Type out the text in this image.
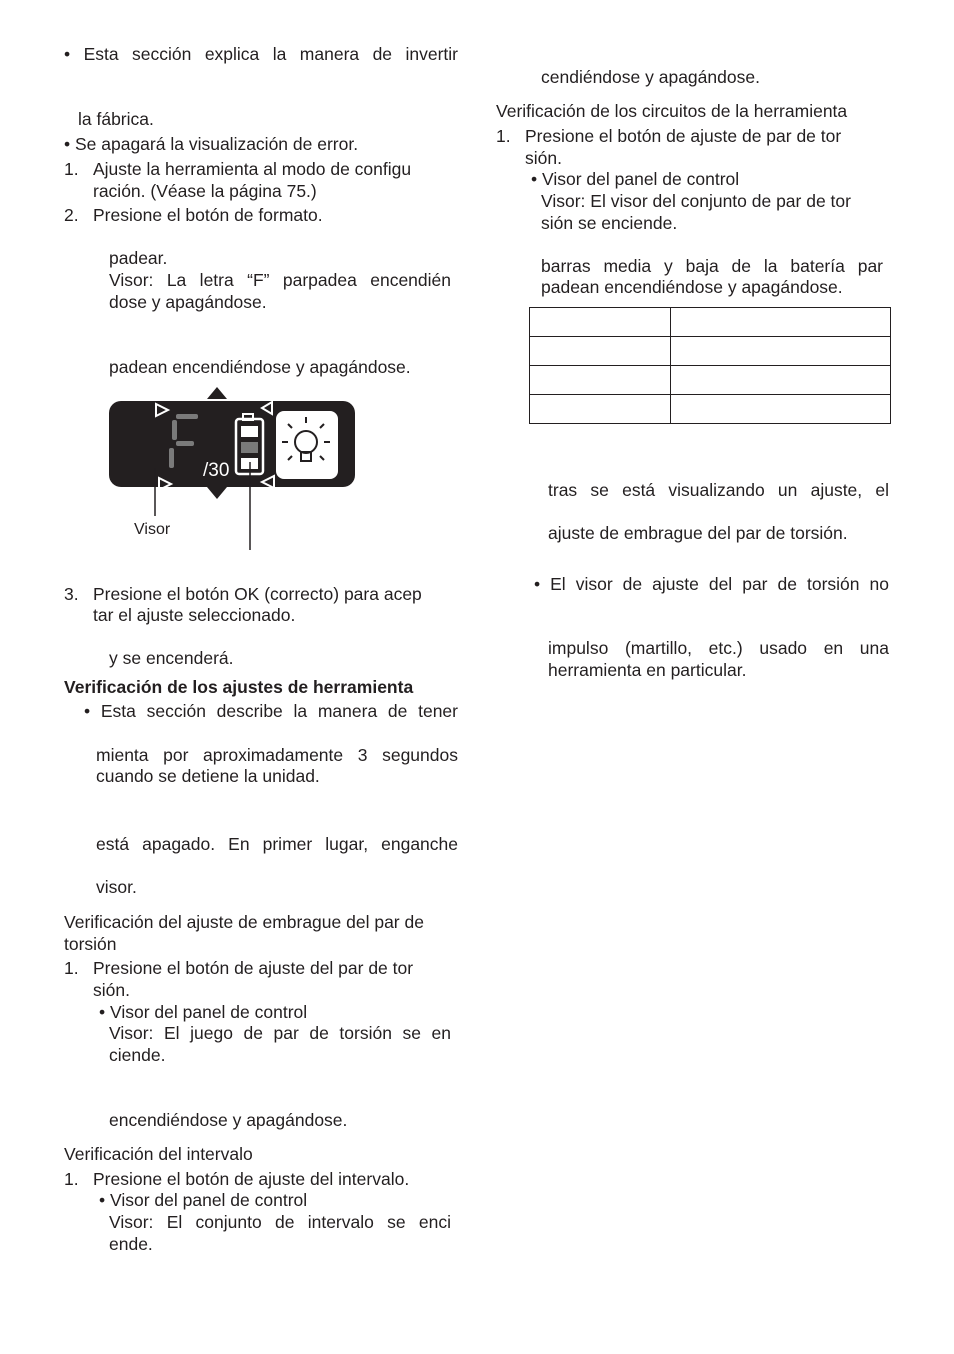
• Esta sección explica la manera de invertir
la fábrica.
• Se apagará la visualización de error.
1. Ajuste la herramienta al modo de configu
ración. (Véase la página 75.)
2. Presione el botón de formato.
padear.
Visor: La letra “F” parpadea encendién
dose y apagándose.
padean encendiéndose y apagándose.
/30
Visor
3. Presione el botón OK (correcto) para acep
tar el ajuste seleccionado.
y se encenderá.
Verificación de los ajustes de herramienta
• Esta sección describe la manera de tener
mienta por aproximadamente 3 segundos
cuando se detiene la unidad.
está apagado. En primer lugar, enganche
visor.
Verificación del ajuste de embrague del par de
torsión
1. Presione el botón de ajuste del par de tor
sión.
• Visor del panel de control
Visor: El juego de par de torsión se en
ciende.
encendiéndose y apagándose.
Verificación del intervalo
1. Presione el botón de ajuste del intervalo.
• Visor del panel de control
Visor: El conjunto de intervalo se enci
ende.
cendiéndose y apagándose.
Verificación de los circuitos de la herramienta
1. Presione el botón de ajuste de par de tor
sión.
• Visor del panel de control
Visor: El visor del conjunto de par de tor
sión se enciende.
barras media y baja de la batería par
padean encendiéndose y apagándose.

tras se está visualizando un ajuste, el
ajuste de embrague del par de torsión.
• El visor de ajuste del par de torsión no
impulso (martillo, etc.) usado en una
herramienta en particular.
